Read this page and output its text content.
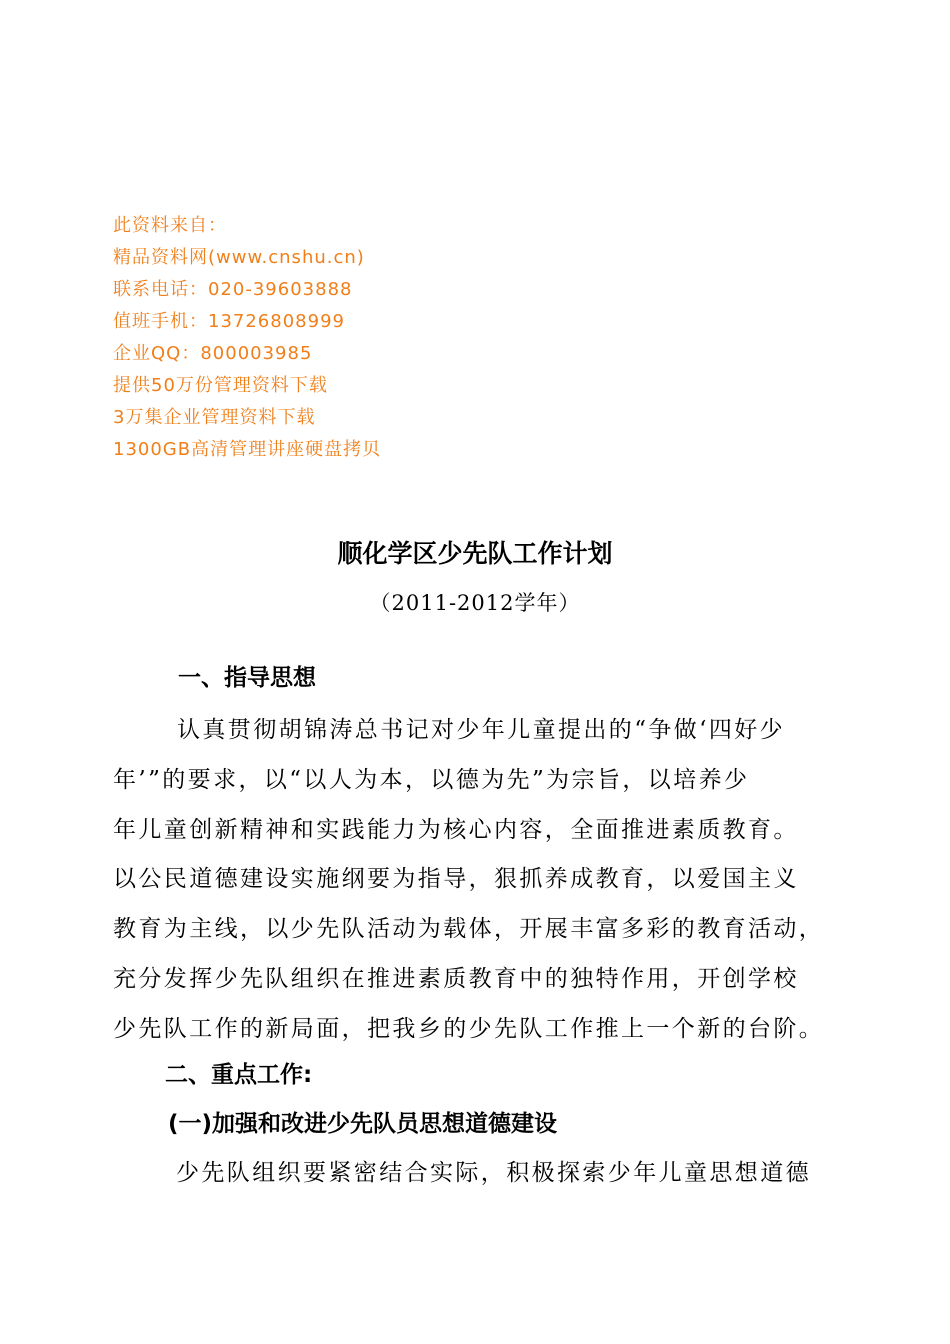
此资料来自：
精品资料网(www.cnshu.cn)
联系电话：020-39603888
值班手机：13726808999
企业QQ：800003985
提供50万份管理资料下载
3万集企业管理资料下载
1300GB高清管理讲座硬盘拷贝
顺化学区少先队工作计划

（2011-2012学年）

一、指导思想
认真贯彻胡锦涛总书记对少年儿童提出的“争做‘四好少
年’”的要求，以“以人为本，以德为先”为宗旨，以培养少
年儿童创新精神和实践能力为核心内容，全面推进素质教育。
以公民道德建设实施纲要为指导，狠抓养成教育，以爱国主义
教育为主线，以少先队活动为载体，开展丰富多彩的教育活动，
充分发挥少先队组织在推进素质教育中的独特作用，开创学校
少先队工作的新局面，把我乡的少先队工作推上一个新的台阶。
二、重点工作:
(一)加强和改进少先队员思想道德建设

少先队组织要紧密结合实际，积极探索少年儿童思想道德
